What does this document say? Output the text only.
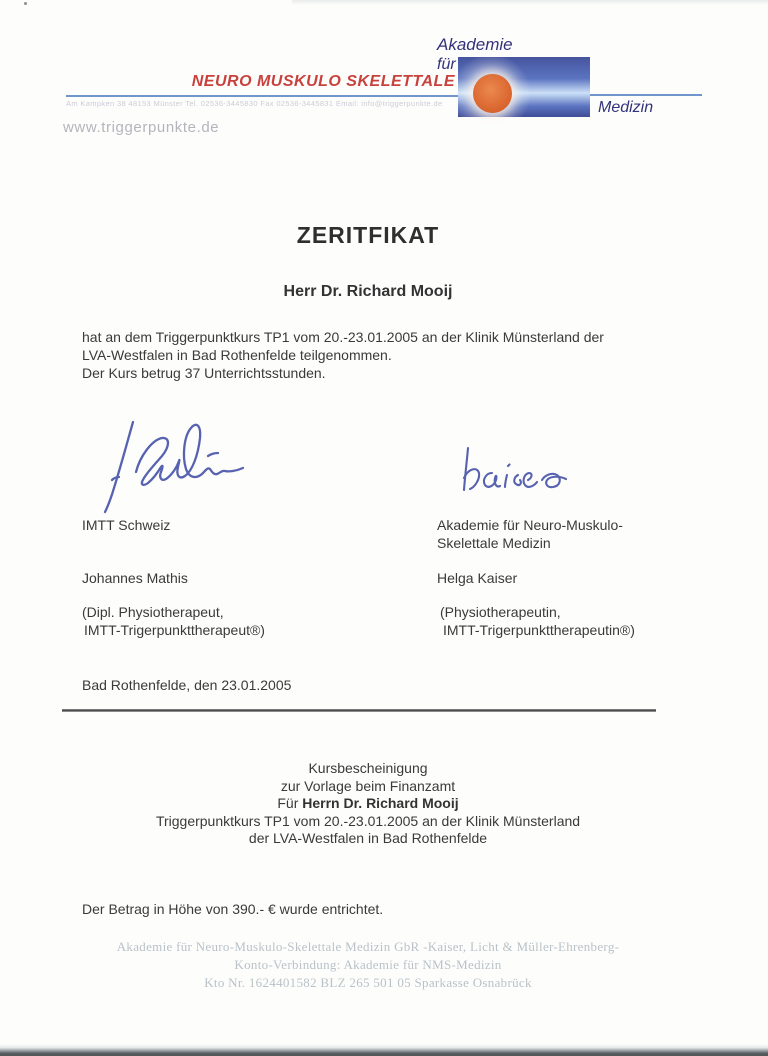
Akademie
für
NEURO MUSKULO SKELETTALE
Medizin
Am Kampken 38 48153 Münster Tel. 02536-3445830 Fax 02536-3445831 Email: info@triggerpunkte.de
www.triggerpunkte.de
ZERITFIKAT
Herr Dr. Richard Mooij
hat an dem Triggerpunktkurs TP1 vom 20.-23.01.2005 an der Klinik Münsterland der
LVA-Westfalen in Bad Rothenfelde teilgenommen.
Der Kurs betrug 37 Unterrichtsstunden.
IMTT Schweiz	Akademie für Neuro-Muskulo-
Skelettale Medizin
Johannes Mathis	Helga Kaiser
(Dipl. Physiotherapeut,
IMTT-Trigerpunkttherapeut®)
(Physiotherapeutin,
IMTT-Trigerpunkttherapeutin®)
Bad Rothenfelde, den 23.01.2005
Kursbescheinigung
zur Vorlage beim Finanzamt
Für Herrn Dr. Richard Mooij
Triggerpunktkurs TP1 vom 20.-23.01.2005 an der Klinik Münsterland
der LVA-Westfalen in Bad Rothenfelde
Der Betrag in Höhe von 390.- € wurde entrichtet.
Akademie für Neuro-Muskulo-Skelettale Medizin GbR -Kaiser, Licht & Müller-Ehrenberg-
Konto-Verbindung: Akademie für NMS-Medizin
Kto Nr. 1624401582 BLZ 265 501 05 Sparkasse Osnabrück
